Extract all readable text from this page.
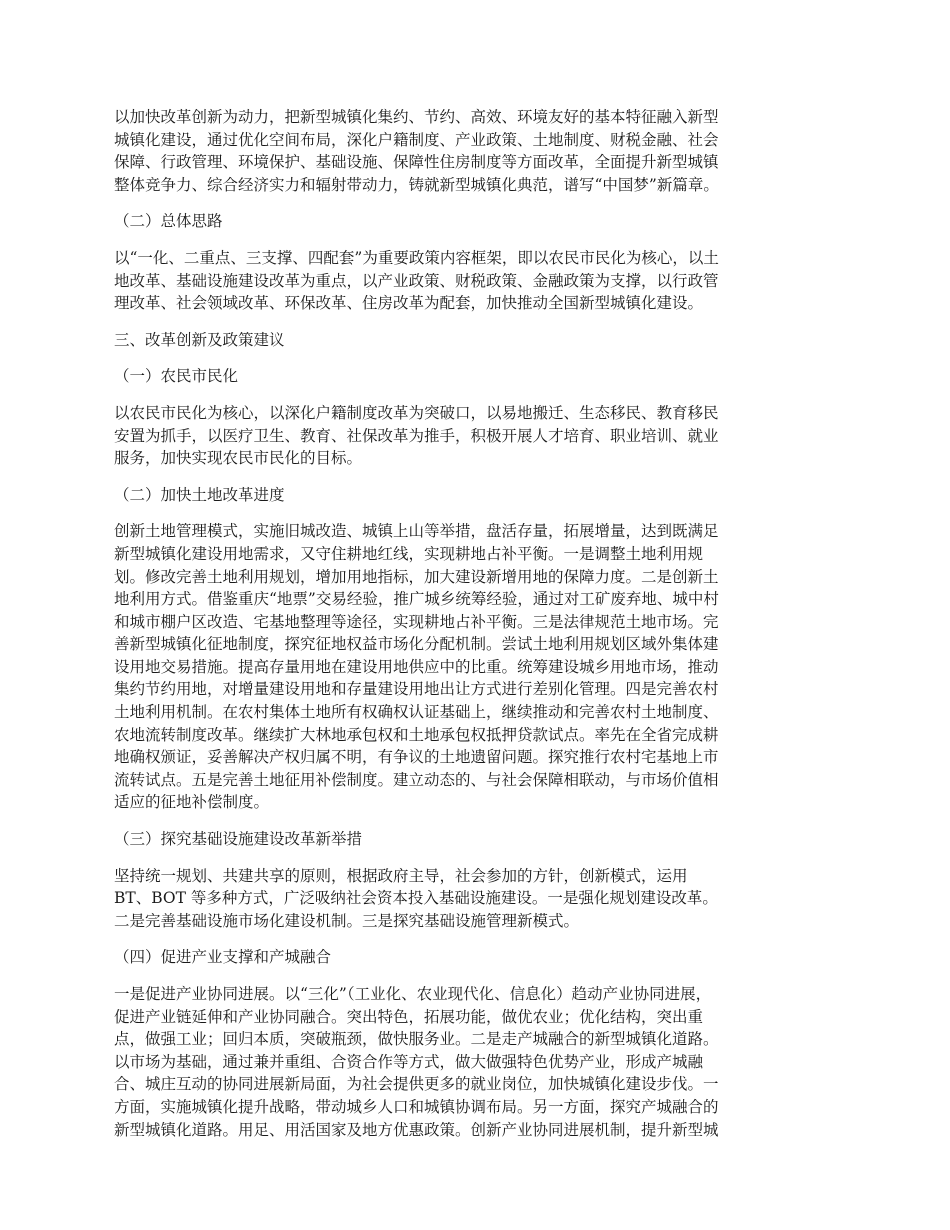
以加快改革创新为动力，把新型城镇化集约、节约、高效、环境友好的基本特征融入新型
城镇化建设，通过优化空间布局，深化户籍制度、产业政策、土地制度、财税金融、社会
保障、行政管理、环境保护、基础设施、保障性住房制度等方面改革，全面提升新型城镇
整体竞争力、综合经济实力和辐射带动力，铸就新型城镇化典范，谱写“中国梦”新篇章。
（二）总体思路
以“一化、二重点、三支撑、四配套”为重要政策内容框架，即以农民市民化为核心，以土
地改革、基础设施建设改革为重点，以产业政策、财税政策、金融政策为支撑，以行政管
理改革、社会领域改革、环保改革、住房改革为配套，加快推动全国新型城镇化建设。
三、改革创新及政策建议
（一）农民市民化
以农民市民化为核心，以深化户籍制度改革为突破口，以易地搬迁、生态移民、教育移民
安置为抓手，以医疗卫生、教育、社保改革为推手，积极开展人才培育、职业培训、就业
服务，加快实现农民市民化的目标。
（二）加快土地改革进度
创新土地管理模式，实施旧城改造、城镇上山等举措，盘活存量，拓展增量，达到既满足
新型城镇化建设用地需求，又守住耕地红线，实现耕地占补平衡。一是调整土地利用规
划。修改完善土地利用规划，增加用地指标，加大建设新增用地的保障力度。二是创新土
地利用方式。借鉴重庆“地票”交易经验，推广城乡统筹经验，通过对工矿废弃地、城中村
和城市棚户区改造、宅基地整理等途径，实现耕地占补平衡。三是法律规范土地市场。完
善新型城镇化征地制度，探究征地权益市场化分配机制。尝试土地利用规划区域外集体建
设用地交易措施。提高存量用地在建设用地供应中的比重。统筹建设城乡用地市场，推动
集约节约用地，对增量建设用地和存量建设用地出让方式进行差别化管理。四是完善农村
土地利用机制。在农村集体土地所有权确权认证基础上，继续推动和完善农村土地制度、
农地流转制度改革。继续扩大林地承包权和土地承包权抵押贷款试点。率先在全省完成耕
地确权颁证，妥善解决产权归属不明，有争议的土地遗留问题。探究推行农村宅基地上市
流转试点。五是完善土地征用补偿制度。建立动态的、与社会保障相联动，与市场价值相
适应的征地补偿制度。
（三）探究基础设施建设改革新举措
坚持统一规划、共建共享的原则，根据政府主导，社会参加的方针，创新模式，运用
BT、BOT 等多种方式，广泛吸纳社会资本投入基础设施建设。一是强化规划建设改革。
二是完善基础设施市场化建设机制。三是探究基础设施管理新模式。
（四）促进产业支撑和产城融合
一是促进产业协同进展。以“三化”（工业化、农业现代化、信息化）趋动产业协同进展，
促进产业链延伸和产业协同融合。突出特色，拓展功能，做优农业；优化结构，突出重
点，做强工业；回归本质，突破瓶颈，做快服务业。二是走产城融合的新型城镇化道路。
以市场为基础，通过兼并重组、合资合作等方式，做大做强特色优势产业，形成产城融
合、城庄互动的协同进展新局面，为社会提供更多的就业岗位，加快城镇化建设步伐。一
方面，实施城镇化提升战略，带动城乡人口和城镇协调布局。另一方面，探究产城融合的
新型城镇化道路。用足、用活国家及地方优惠政策。创新产业协同进展机制，提升新型城
